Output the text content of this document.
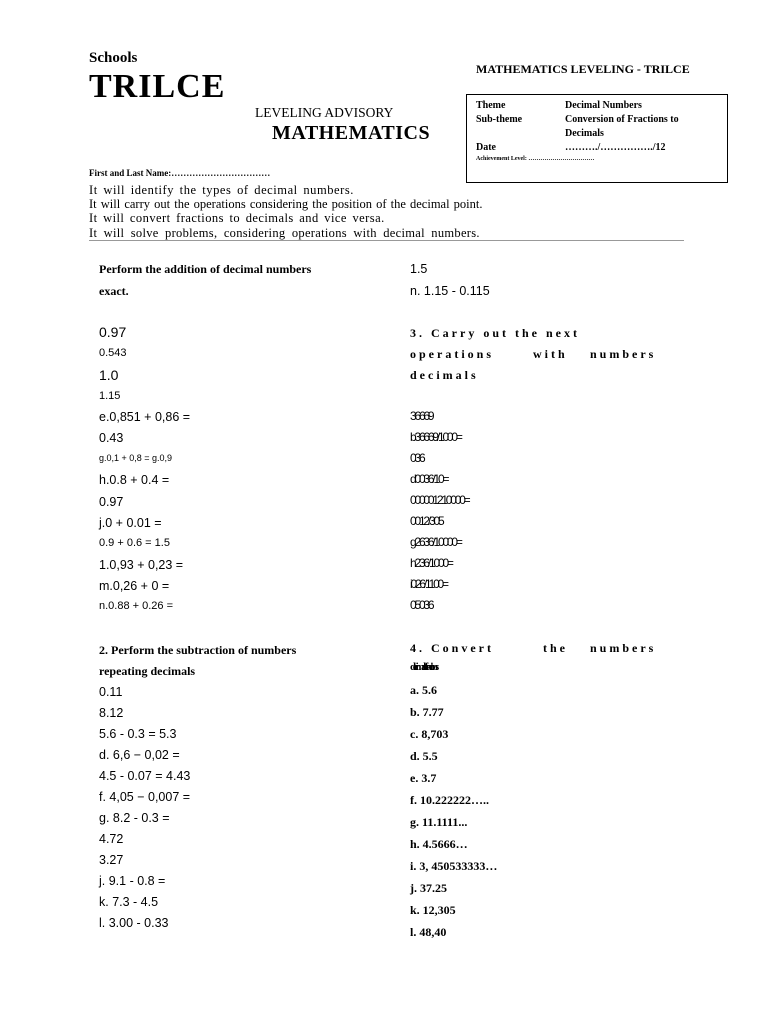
Schools
TRILCE
LEVELING ADVISORY
MATHEMATICS
MATHEMATICS LEVELING - TRILCE
Theme	Decimal Numbers
Sub-theme	Conversion of Fractions to
Decimals
Date	………./……………./12
Achievement Level: ……………………………
First and Last Name:……………………………
It will identify the types of decimal numbers.
It will carry out the operations considering the position of the decimal point.
It will convert fractions to decimals and vice versa.
It will solve problems, considering operations with decimal numbers.
Perform the addition of decimal numbers
exact.
0.97
0.543
1.0
1.15
e.0,851 + 0,86 =
0.43
g.0,1 + 0,8 = g.0,9
h.0.8 + 0.4 =
0.97
j.0 + 0.01 =
0.9 + 0.6 = 1.5
1.0,93 + 0,23 =
m.0,26 + 0 =
n.0.88 + 0.26 =
1.5
n. 1.15 - 0.115
3. Carry out the next
operations	with numbers
decimals
36669
b36669/1000=
036
d0036/10=
000001210000=
0012/305
g2636/10000=
h236/1000=
i026/1100=
05036
2. Perform the subtraction of numbers
repeating decimals
0.11
8.12
5.6 - 0.3 = 5.3
d. 6,6 − 0,02 =
4.5 - 0.07 = 4.43
f. 4,05 − 0,007 =
g. 8.2 - 0.3 =
4.72
3.27
j. 9.1 - 0.8 =
k. 7.3 - 4.5
l. 3.00 - 0.33
4. Convert	the numbers
decimals to fractions
a. 5.6
b. 7.77
c. 8,703
d. 5.5
e. 3.7
f. 10.222222…..
g. 11.1111...
h. 4.5666…
i. 3, 450533333…
j. 37.25
k. 12,305
l. 48,40
